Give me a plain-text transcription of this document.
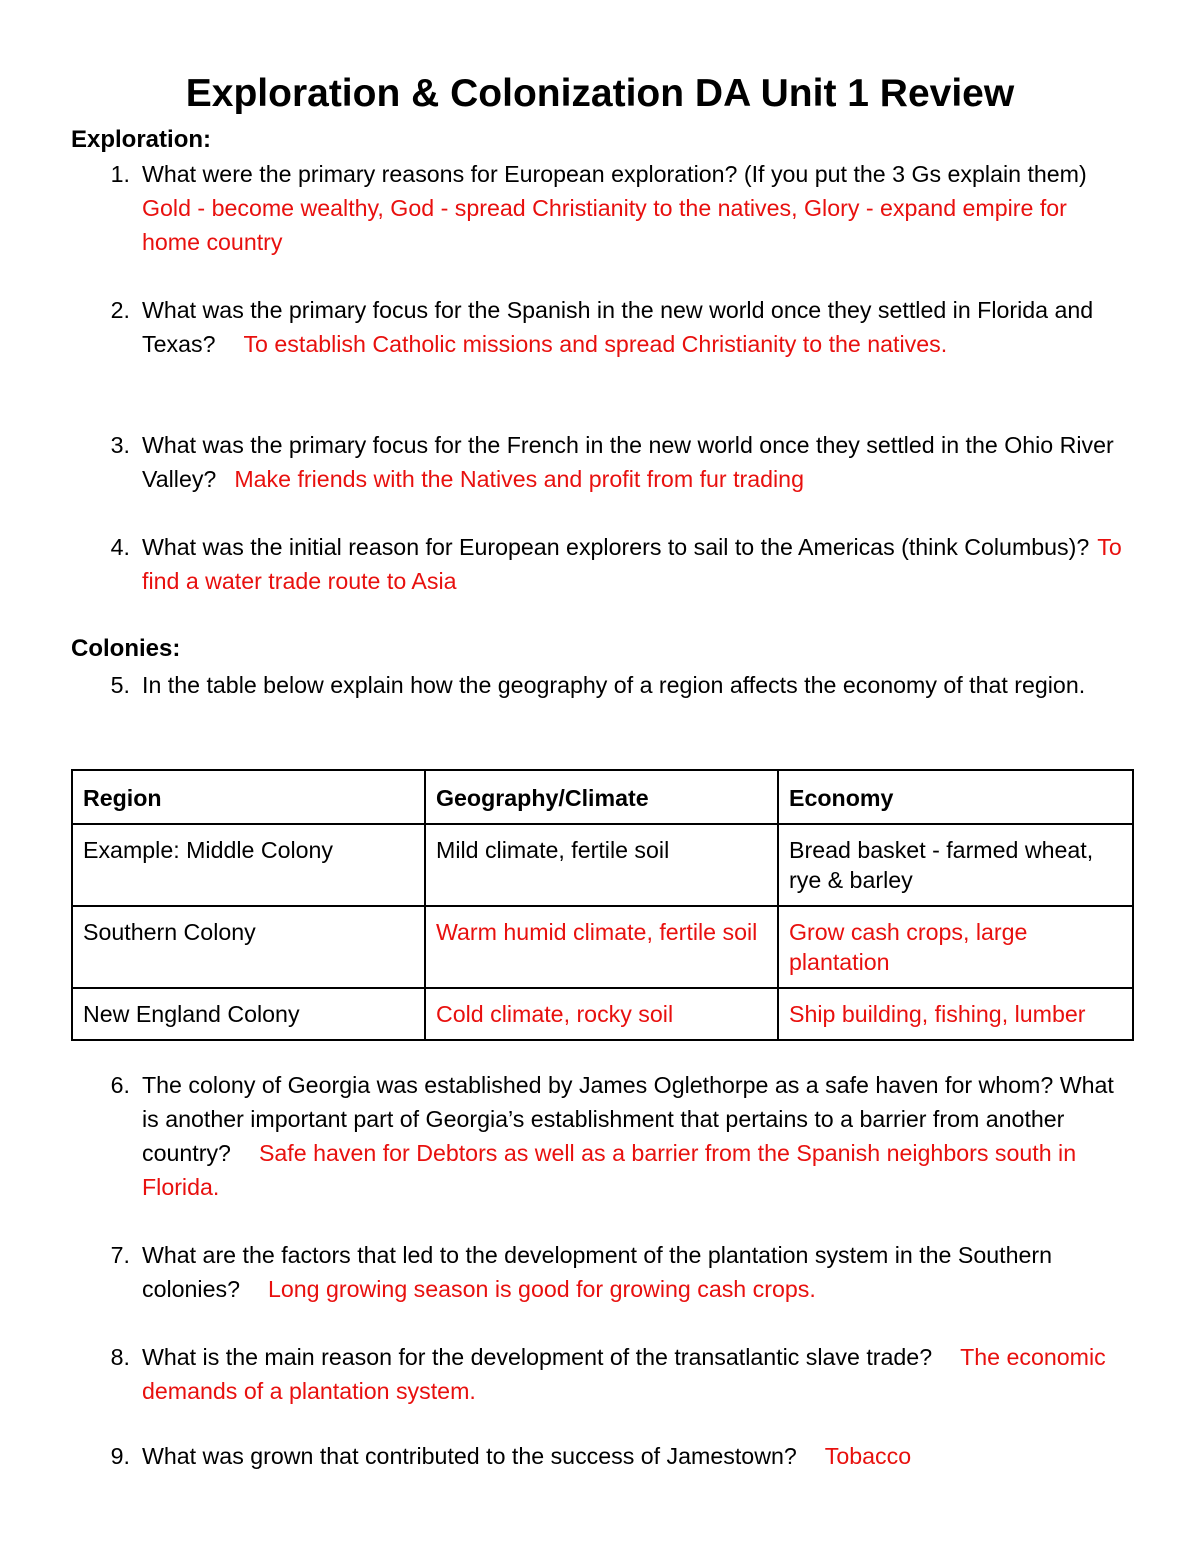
Exploration & Colonization DA Unit 1 Review
Exploration:
1. What were the primary reasons for European exploration? (If you put the 3 Gs explain them)Gold - become wealthy, God - spread Christianity to the natives, Glory - expand empire for home country
2. What was the primary focus for the Spanish in the new world once they settled in Florida and Texas? To establish Catholic missions and spread Christianity to the natives.
3. What was the primary focus for the French in the new world once they settled in the Ohio River Valley? Make friends with the Natives and profit from fur trading
4. What was the initial reason for European explorers to sail to the Americas (think Columbus)? To find a water trade route to Asia
Colonies:
5. In the table below explain how the geography of a region affects the economy of that region.
Region	Geography/Climate	Economy
Example: Middle Colony	Mild climate, fertile soil	Bread basket - farmed wheat, rye & barley
Southern Colony	Warm humid climate, fertile soil	Grow cash crops, large plantation
New England Colony	Cold climate, rocky soil	Ship building, fishing, lumber
6. The colony of Georgia was established by James Oglethorpe as a safe haven for whom? What is another important part of Georgia’s establishment that pertains to a barrier from another country? Safe haven for Debtors as well as a barrier from the Spanish neighbors south in Florida.
7. What are the factors that led to the development of the plantation system in the Southern colonies? Long growing season is good for growing cash crops.
8. What is the main reason for the development of the transatlantic slave trade? The economic demands of a plantation system.
9. What was grown that contributed to the success of Jamestown? Tobacco
